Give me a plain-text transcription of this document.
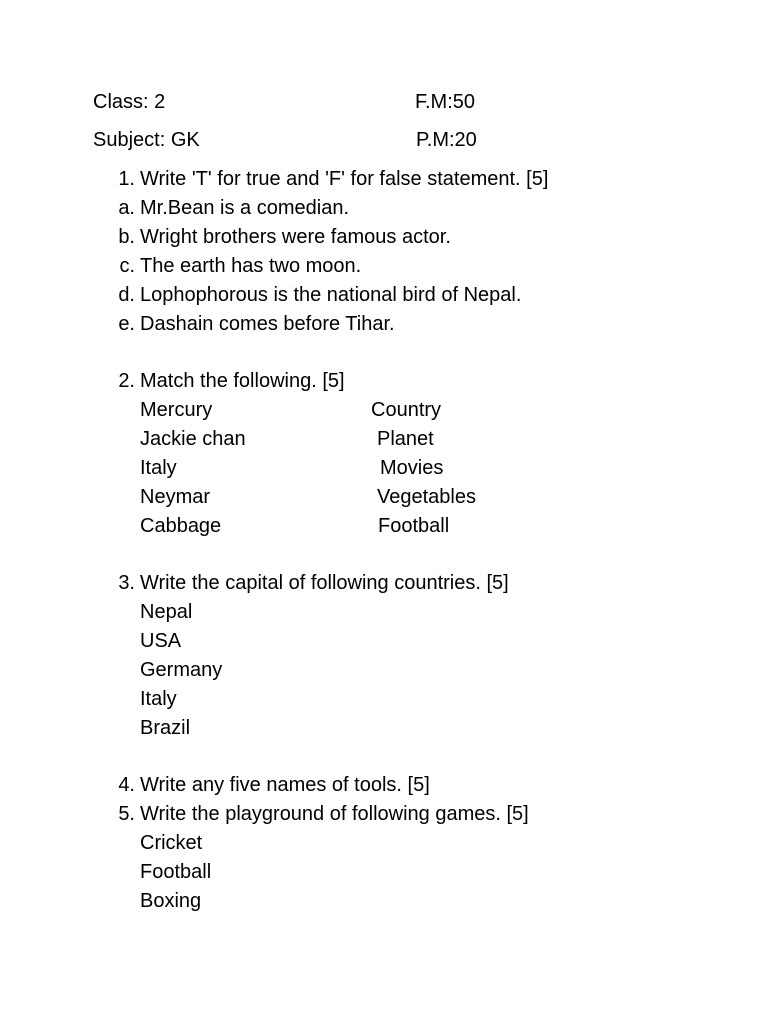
Class: 2	F.M:50
Subject: GK	P.M:20
1. Write 'T' for true and 'F' for false statement. [5]
a. Mr.Bean is a comedian.
b. Wright brothers were famous actor.
c. The earth has two moon.
d. Lophophorous is the national bird of Nepal.
e. Dashain comes before Tihar.
2. Match the following. [5]
Mercury	Country
Jackie chan	Planet
Italy	Movies
Neymar	Vegetables
Cabbage	Football
3. Write the capital of following countries. [5]
Nepal
USA
Germany
Italy
Brazil
4. Write any five names of tools. [5]
5. Write the playground of following games. [5]
Cricket
Football
Boxing
